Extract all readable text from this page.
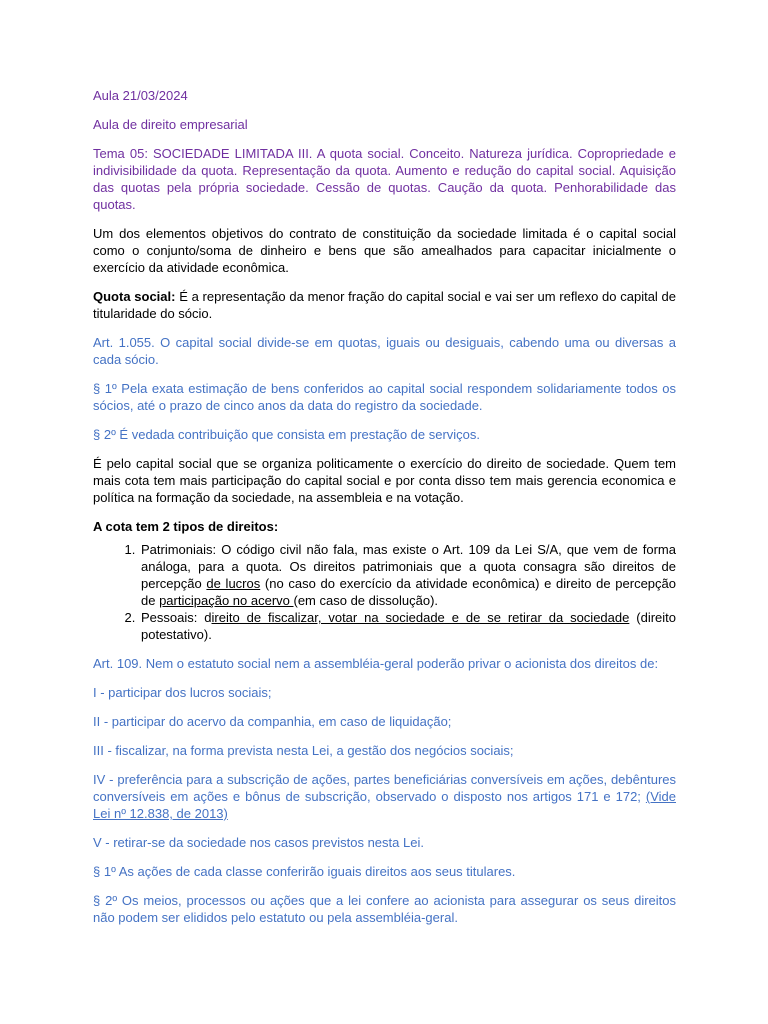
Aula 21/03/2024

Aula de direito empresarial

Tema 05: SOCIEDADE LIMITADA III. A quota social. Conceito. Natureza jurídica. Copropriedade e indivisibilidade da quota. Representação da quota. Aumento e redução do capital social. Aquisição das quotas pela própria sociedade. Cessão de quotas. Caução da quota. Penhorabilidade das quotas.

Um dos elementos objetivos do contrato de constituição da sociedade limitada é o capital social como o conjunto/soma de dinheiro e bens que são amealhados para capacitar inicialmente o exercício da atividade econômica.

Quota social: É a representação da menor fração do capital social e vai ser um reflexo do capital de titularidade do sócio.

Art. 1.055. O capital social divide-se em quotas, iguais ou desiguais, cabendo uma ou diversas a cada sócio.

§ 1º Pela exata estimação de bens conferidos ao capital social respondem solidariamente todos os sócios, até o prazo de cinco anos da data do registro da sociedade.

§ 2º É vedada contribuição que consista em prestação de serviços.

É pelo capital social que se organiza politicamente o exercício do direito de sociedade. Quem tem mais cota tem mais participação do capital social e por conta disso tem mais gerencia economica e política na formação da sociedade, na assembleia e na votação.

A cota tem 2 tipos de direitos:

1. Patrimoniais: O código civil não fala, mas existe o Art. 109 da Lei S/A, que vem de forma análoga, para a quota. Os direitos patrimoniais que a quota consagra são direitos de percepção de lucros (no caso do exercício da atividade econômica) e direito de percepção de participação no acervo (em caso de dissolução).
2. Pessoais: direito de fiscalizar, votar na sociedade e de se retirar da sociedade (direito potestativo).

Art. 109. Nem o estatuto social nem a assembléia-geral poderão privar o acionista dos direitos de:

I - participar dos lucros sociais;

II - participar do acervo da companhia, em caso de liquidação;

III - fiscalizar, na forma prevista nesta Lei, a gestão dos negócios sociais;

IV - preferência para a subscrição de ações, partes beneficiárias conversíveis em ações, debêntures conversíveis em ações e bônus de subscrição, observado o disposto nos artigos 171 e 172; (Vide Lei nº 12.838, de 2013)

V - retirar-se da sociedade nos casos previstos nesta Lei.

§ 1º As ações de cada classe conferirão iguais direitos aos seus titulares.

§ 2º Os meios, processos ou ações que a lei confere ao acionista para assegurar os seus direitos não podem ser elididos pelo estatuto ou pela assembléia-geral.
